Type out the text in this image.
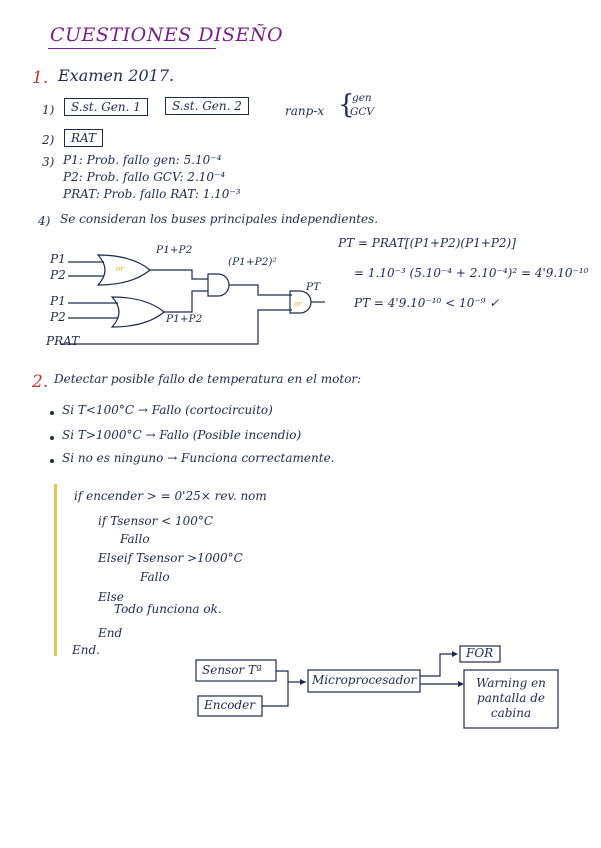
CUESTIONES DISEÑO
1. Examen 2017.
1)	S.st. Gen. 1	S.st. Gen. 2	ranp-x {
gen
GCV
2)	RAT
3) P1: Prob. fallo gen: 5.10⁻⁴
P2: Prob. fallo GCV: 2.10⁻⁴
PRAT: Prob. fallo RAT: 1.10⁻³
4) Se consideran los buses principales independientes.
or
or
P1
P2
P1
P2
PRAT
P1+P2
P1+P2
(P1+P2)²
PT
PT = PRAT[(P1+P2)(P1+P2)]
= 1.10⁻³ (5.10⁻⁴ + 2.10⁻⁴)² = 4'9.10⁻¹⁰
PT = 4'9.10⁻¹⁰ < 10⁻⁹ ✓
2. Detectar posible fallo de temperatura en el motor:
Si T<100°C → Fallo (cortocircuito)
Si T>1000°C → Fallo (Posible incendio)
Si no es ninguno → Funciona correctamente.
if encender > = 0'25× rev. nom
if Tsensor < 100°C
Fallo
Elseif Tsensor >1000°C
Fallo
Else
Todo funciona ok.
End
End.
Sensor Tª
Encoder
Microprocesador
FOR
Warning en pantalla de cabina
